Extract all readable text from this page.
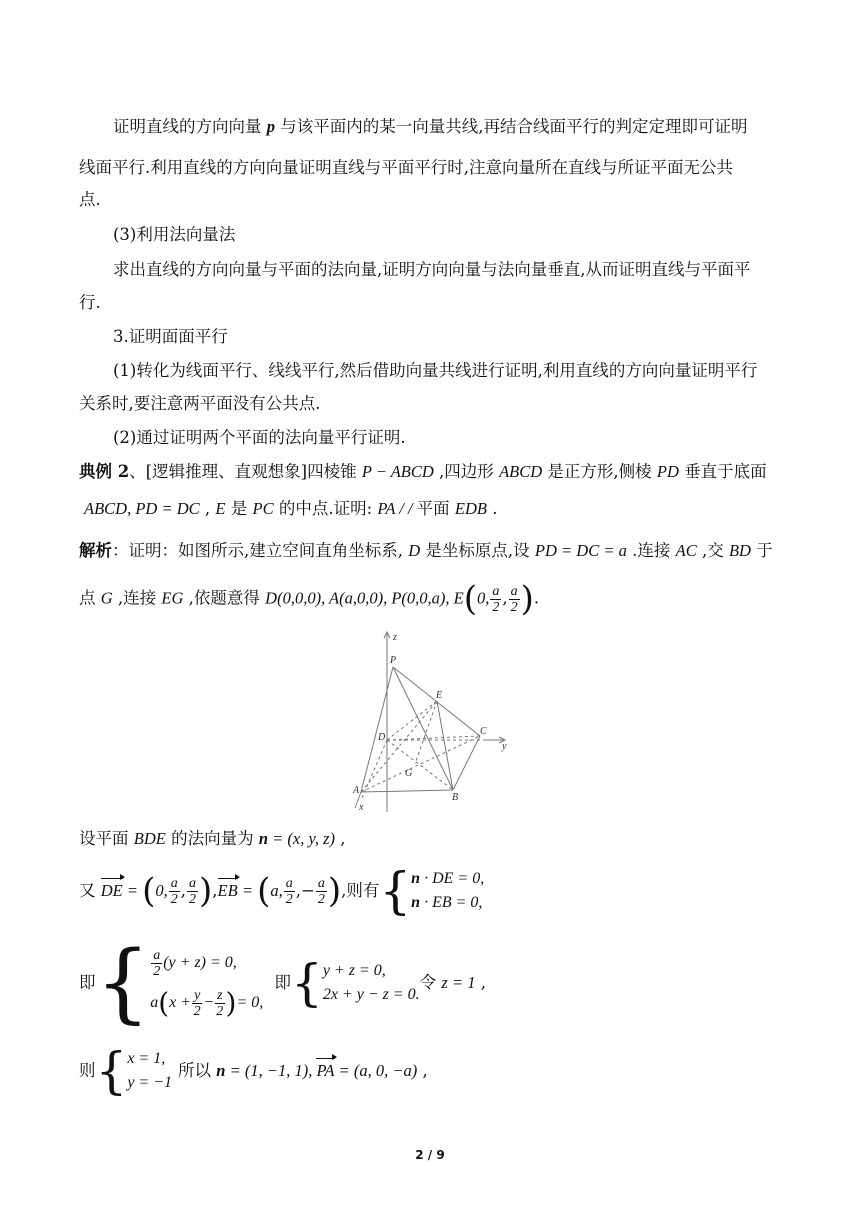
证明直线的方向向量 p 与该平面内的某一向量共线,再结合线面平行的判定定理即可证明
线面平行.利用直线的方向向量证明直线与平面平行时,注意向量所在直线与所证平面无公共
点.
(3)利用法向量法
求出直线的方向向量与平面的法向量,证明方向向量与法向量垂直,从而证明直线与平面平
行.
3.证明面面平行
(1)转化为线面平行、线线平行,然后借助向量共线进行证明,利用直线的方向向量证明平行
关系时,要注意两平面没有公共点.
(2)通过证明两个平面的法向量平行证明.
典例 2、[逻辑推理、直观想象]四棱锥 P − ABCD ,四边形 ABCD 是正方形,侧棱 PD 垂直于底面
ABCD, PD = DC , E 是 PC 的中点.证明: PA / / 平面 EDB .
解析：证明：如图所示,建立空间直角坐标系, D 是坐标原点,设 PD = DC = a .连接 AC ,交 BD 于
点 G ,连接 EG ,依题意得 D(0,0,0), A(a,0,0), P(0,0,a), E(0, $\frac{a}{2}$ , $\frac{a}{2}$ ).
z
P
E
D
C
y
G
A
B
x
设平面 BDE 的法向量为 n = (x, y, z) ,
又 DE = (0, $\frac{a}{2}$ , $\frac{a}{2} ),EB = (a$, $\frac{a}{2}$ ,− $\frac{a}{2}$ ),则有{ n · DE = 0,
n · EB = 0,
即{ $\frac{a}{2} (y + z) = 0$,
$a(x + \frac{y}{2} - \frac{z}{2}$ )= 0,
即{ y + z = 0,
2x + y − z = 0.
令 z = 1 ,
则{ x = 1,
y = −1
所以 n = (1, −1, 1), PA = (a, 0, −a) ,
2 / 9
